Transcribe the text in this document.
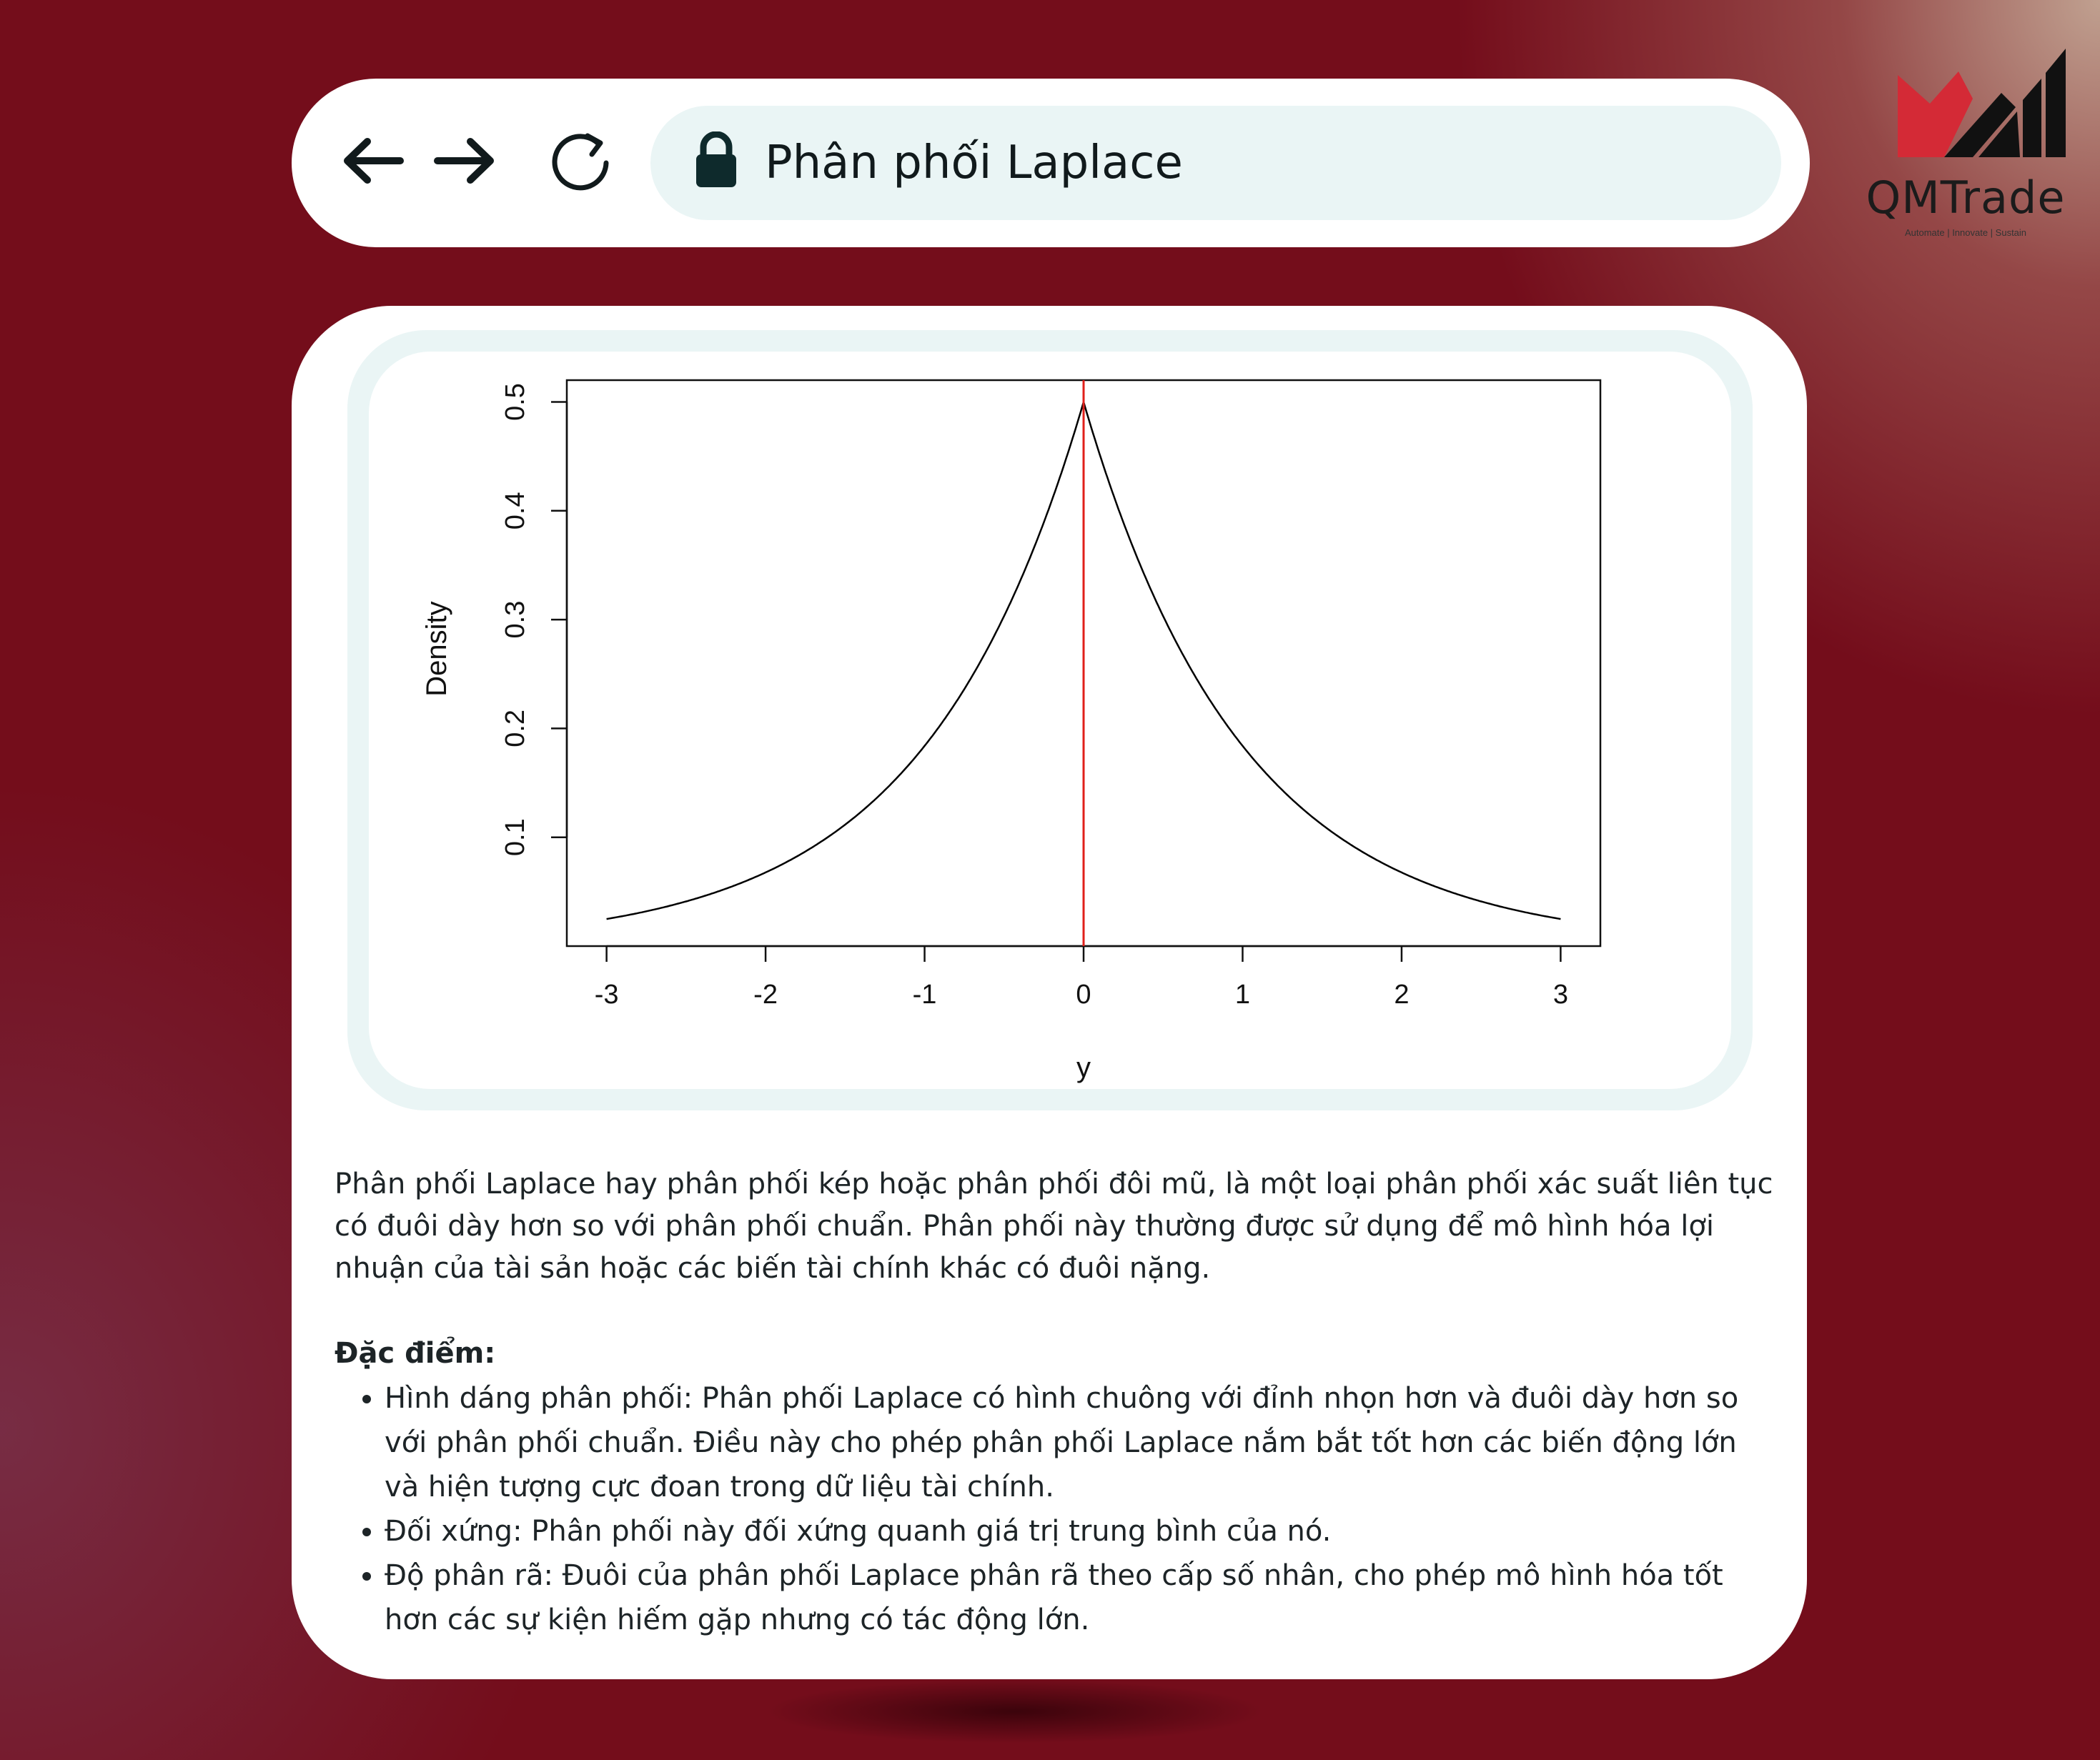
Phân phối Laplace
QMTrade
Automate | Innovate | Sustain
-3	-2	-1	0	1	2	3
0.1
0.2
0.3
0.4
0.5
y
Density

Phân phối Laplace hay phân phối kép hoặc phân phối đôi mũ, là một loại phân phối xác suất liên tục có đuôi dày hơn so với phân phối chuẩn. Phân phối này thường được sử dụng để mô hình hóa lợi nhuận của tài sản hoặc các biến tài chính khác có đuôi nặng.

Đặc điểm:

• Hình dáng phân phối: Phân phối Laplace có hình chuông với đỉnh nhọn hơn và đuôi dày hơn so với phân phối chuẩn. Điều này cho phép phân phối Laplace nắm bắt tốt hơn các biến động lớn và hiện tượng cực đoan trong dữ liệu tài chính.
• Đối xứng: Phân phối này đối xứng quanh giá trị trung bình của nó.
• Độ phân rã: Đuôi của phân phối Laplace phân rã theo cấp số nhân, cho phép mô hình hóa tốt hơn các sự kiện hiếm gặp nhưng có tác động lớn.
